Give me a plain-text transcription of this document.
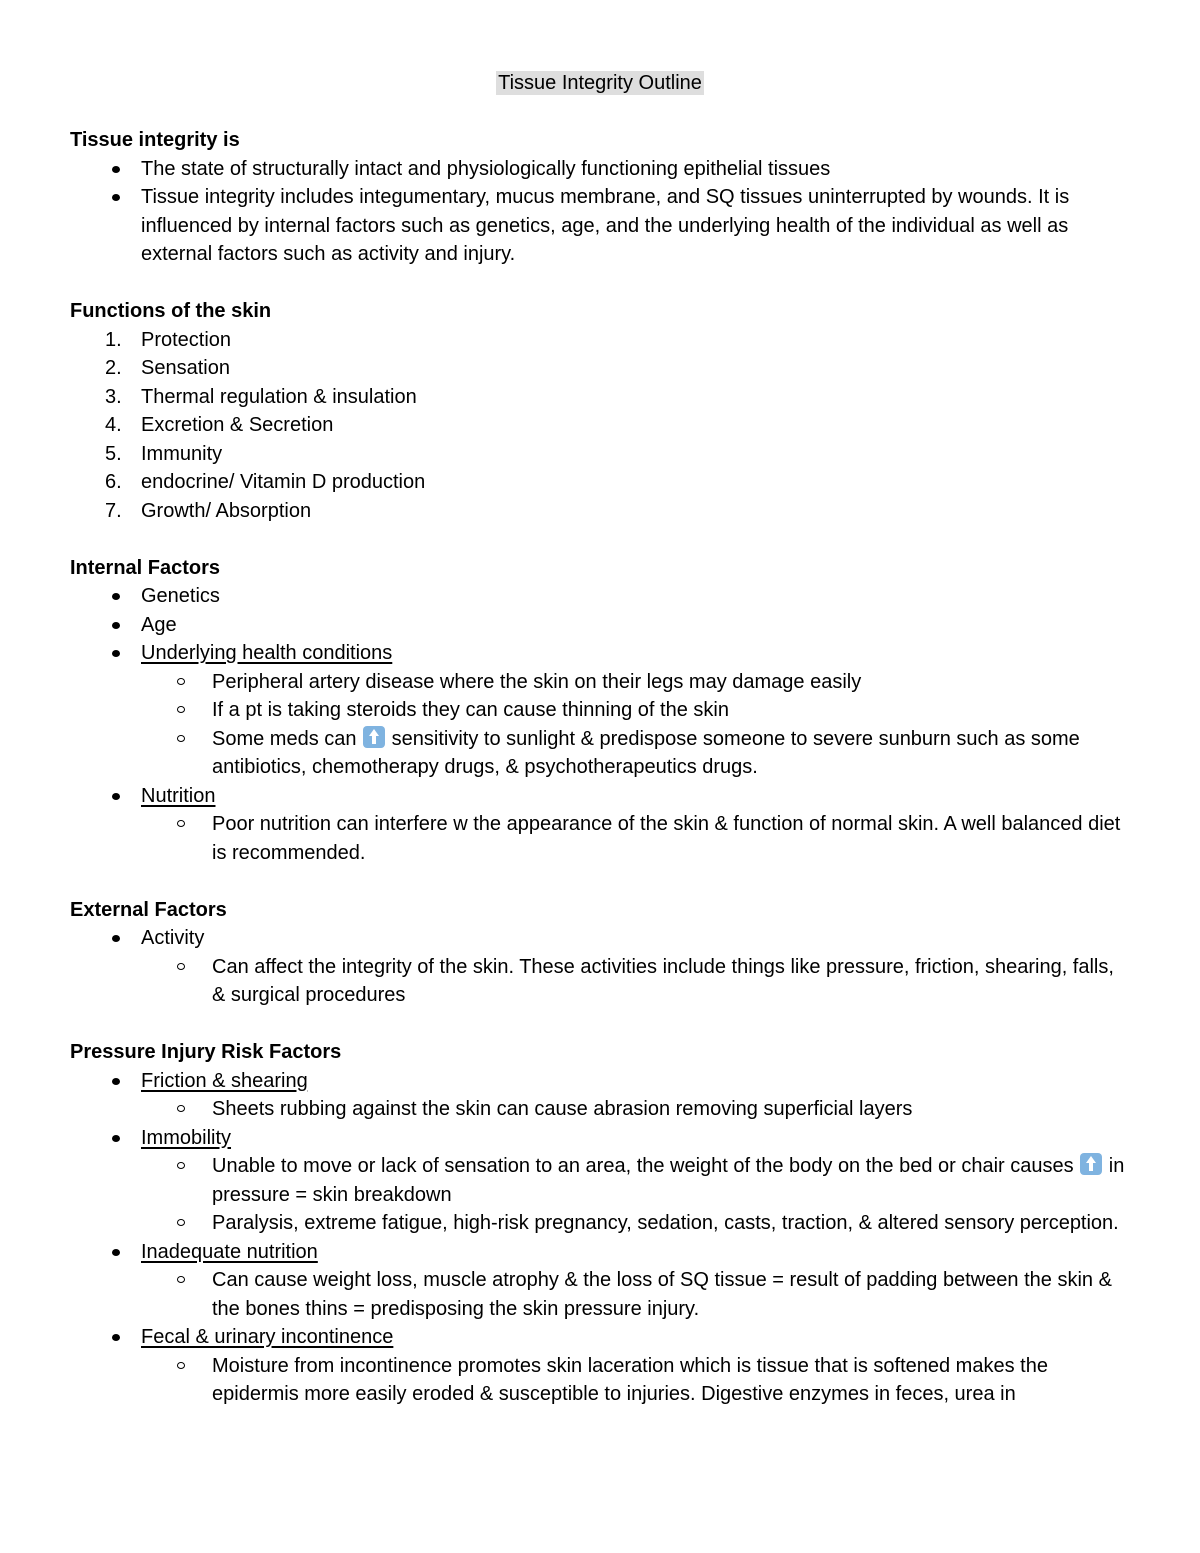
Tissue Integrity Outline

Tissue integrity is

The state of structurally intact and physiologically functioning epithelial tissues
Tissue integrity includes integumentary, mucus membrane, and SQ tissues uninterrupted by wounds. It is influenced by internal factors such as genetics, age, and the underlying health of the individual as well as external factors such as activity and injury.

Functions of the skin

1. Protection
2. Sensation
3. Thermal regulation & insulation
4. Excretion & Secretion
5. Immunity
6. endocrine/ Vitamin D production
7. Growth/ Absorption

Internal Factors

Genetics
Age
Underlying health conditions
Peripheral artery disease where the skin on their legs may damage easily
If a pt is taking steroids they can cause thinning of the skin
Some meds can sensitivity to sunlight & predispose someone to severe sunburn such as some antibiotics, chemotherapy drugs, & psychotherapeutics drugs.
Nutrition
Poor nutrition can interfere w the appearance of the skin & function of normal skin. A well balanced diet is recommended.

External Factors

Activity
Can affect the integrity of the skin. These activities include things like pressure, friction, shearing, falls, & surgical procedures

Pressure Injury Risk Factors

Friction & shearing
Sheets rubbing against the skin can cause abrasion removing superficial layers
Immobility
Unable to move or lack of sensation to an area, the weight of the body on the bed or chair causes in pressure = skin breakdown
Paralysis, extreme fatigue, high-risk pregnancy, sedation, casts, traction, & altered sensory perception.
Inadequate nutrition
Can cause weight loss, muscle atrophy & the loss of SQ tissue = result of padding between the skin & the bones thins = predisposing the skin pressure injury.
Fecal & urinary incontinence
Moisture from incontinence promotes skin laceration which is tissue that is softened makes the epidermis more easily eroded & susceptible to injuries. Digestive enzymes in feces, urea in
